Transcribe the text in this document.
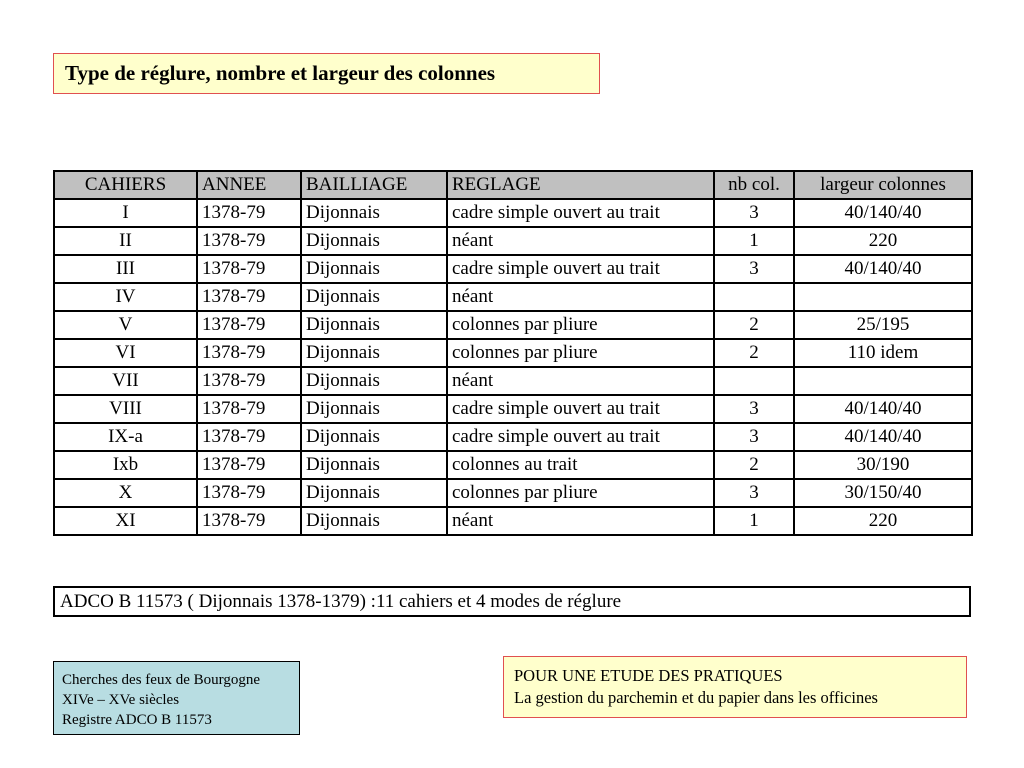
Type de réglure, nombre et largeur des colonnes
CAHIERS	ANNEE	BAILLIAGE	REGLAGE	nb col.	largeur colonnes
I	1378-79	Dijonnais	cadre simple ouvert au trait	3	40/140/40
II	1378-79	Dijonnais	néant	1	220
III	1378-79	Dijonnais	cadre simple ouvert au trait	3	40/140/40
IV	1378-79	Dijonnais	néant		
V	1378-79	Dijonnais	colonnes par pliure	2	25/195
VI	1378-79	Dijonnais	colonnes par pliure	2	110 idem
VII	1378-79	Dijonnais	néant		
VIII	1378-79	Dijonnais	cadre simple ouvert au trait	3	40/140/40
IX-a	1378-79	Dijonnais	cadre simple ouvert au trait	3	40/140/40
Ixb	1378-79	Dijonnais	colonnes au trait	2	30/190
X	1378-79	Dijonnais	colonnes par pliure	3	30/150/40
XI	1378-79	Dijonnais	néant	1	220
ADCO B 11573 ( Dijonnais 1378-1379) : 11 cahiers et 4 modes de réglure
Cherches des feux de Bourgogne
XIVe – XVe siècles
Registre ADCO B 11573
POUR UNE ETUDE DES PRATIQUES
La gestion du parchemin et du papier dans les officines
